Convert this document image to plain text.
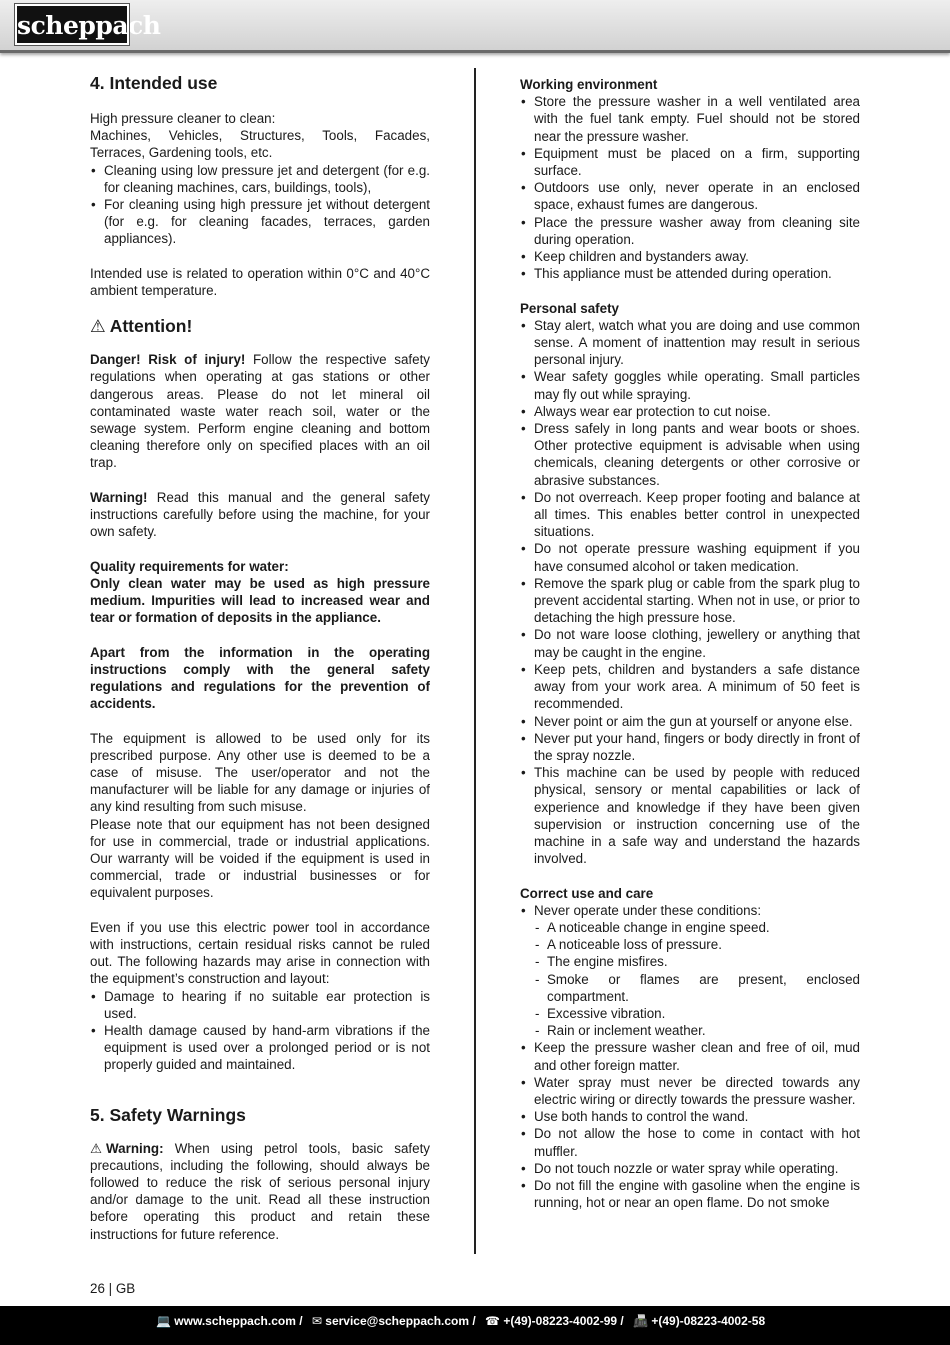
scheppach
4. Intended use

High pressure cleaner to clean:

Machines, Vehicles, Structures, Tools, Facades, Terraces, Gardening tools, etc.

• Cleaning using low pressure jet and detergent (for e.g. for cleaning machines, cars, buildings, tools),
• For cleaning using high pressure jet without detergent (for e.g. for cleaning facades, terraces, garden appliances).

Intended use is related to operation within 0°C and 40°C ambient temperature.

⚠ Attention!

Danger! Risk of injury! Follow the respective safety regulations when operating at gas stations or other dangerous areas. Please do not let mineral oil contaminated waste water reach soil, water or the sewage system. Perform engine cleaning and bottom cleaning therefore only on specified places with an oil trap.

Warning! Read this manual and the general safety instructions carefully before using the machine, for your own safety.

Quality requirements for water:

Only clean water may be used as high pressure medium. Impurities will lead to increased wear and tear or formation of deposits in the appliance.

Apart from the information in the operating instructions comply with the general safety regulations and regulations for the prevention of accidents.

The equipment is allowed to be used only for its prescribed purpose. Any other use is deemed to be a case of misuse. The user/operator and not the manufacturer will be liable for any damage or injuries of any kind resulting from such misuse.

Please note that our equipment has not been designed for use in commercial, trade or industrial applications. Our warranty will be voided if the equipment is used in commercial, trade or industrial businesses or for equivalent purposes.

Even if you use this electric power tool in accordance with instructions, certain residual risks cannot be ruled out. The following hazards may arise in connection with the equipment’s construction and layout:

• Damage to hearing if no suitable ear protection is used.
• Health damage caused by hand-arm vibrations if the equipment is used over a prolonged period or is not properly guided and maintained.
5. Safety Warnings

⚠ Warning: When using petrol tools, basic safety precautions, including the following, should always be followed to reduce the risk of serious personal injury and/or damage to the unit. Read all these instruction before operating this product and retain these instructions for future reference.

Working environment
• Store the pressure washer in a well ventilated area with the fuel tank empty. Fuel should not be stored near the pressure washer.
• Equipment must be placed on a firm, supporting surface.
• Outdoors use only, never operate in an enclosed space, exhaust fumes are dangerous.
• Place the pressure washer away from cleaning site during operation.
• Keep children and bystanders away.
• This appliance must be attended during operation.
Personal safety
• Stay alert, watch what you are doing and use common sense. A moment of inattention may result in serious personal injury.
• Wear safety goggles while operating. Small particles may fly out while spraying.
• Always wear ear protection to cut noise.
• Dress safely in long pants and wear boots or shoes. Other protective equipment is advisable when using chemicals, cleaning detergents or other corrosive or abrasive substances.
• Do not overreach. Keep proper footing and balance at all times. This enables better control in unexpected situations.
• Do not operate pressure washing equipment if you have consumed alcohol or taken medication.
• Remove the spark plug or cable from the spark plug to prevent accidental starting. When not in use, or prior to detaching the high pressure hose.
• Do not ware loose clothing, jewellery or anything that may be caught in the engine.
• Keep pets, children and bystanders a safe distance away from your work area. A minimum of 50 feet is recommended.
• Never point or aim the gun at yourself or anyone else.
• Never put your hand, fingers or body directly in front of the spray nozzle.
• This machine can be used by people with reduced physical, sensory or mental capabilities or lack of experience and knowledge if they have been given supervision or instruction concerning use of the machine in a safe way and understand the hazards involved.
Correct use and care
• Never operate under these conditions:
- A noticeable change in engine speed.
- A noticeable loss of pressure.
- The engine misfires.
- Smoke or flames are present, enclosed compartment.
- Excessive vibration.
- Rain or inclement weather.
• Keep the pressure washer clean and free of oil, mud and other foreign matter.
• Water spray must never be directed towards any electric wiring or directly towards the pressure washer.
• Use both hands to control the wand.
• Do not allow the hose to come in contact with hot muffler.
• Do not touch nozzle or water spray while operating.
• Do not fill the engine with gasoline when the engine is running, hot or near an open flame. Do not smoke
26 | GB
💻 www.scheppach.com / ✉ service@scheppach.com / ☎ +(49)-08223-4002-99 / 📠 +(49)-08223-4002-58
